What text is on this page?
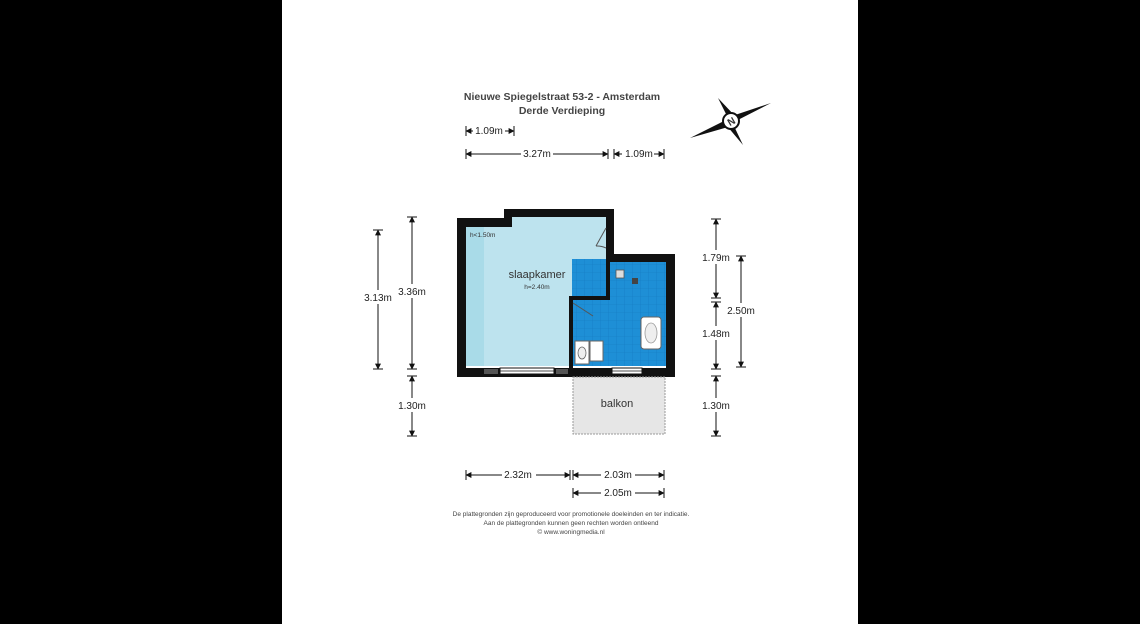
Nieuwe Spiegelstraat 53-2 - Amsterdam
Derde Verdieping
N
1.09m
3.27m	1.09m
3.13m
3.36m
1.30m
1.79m
1.48m
2.50m
1.30m
slaapkamer
h=2.40m
h<1.50m
balkon
2.32m	2.03m
2.05m
De plattegronden zijn geproduceerd voor promotionele doeleinden en ter indicatie.
Aan de plattegronden kunnen geen rechten worden ontleend
© www.woningmedia.nl
